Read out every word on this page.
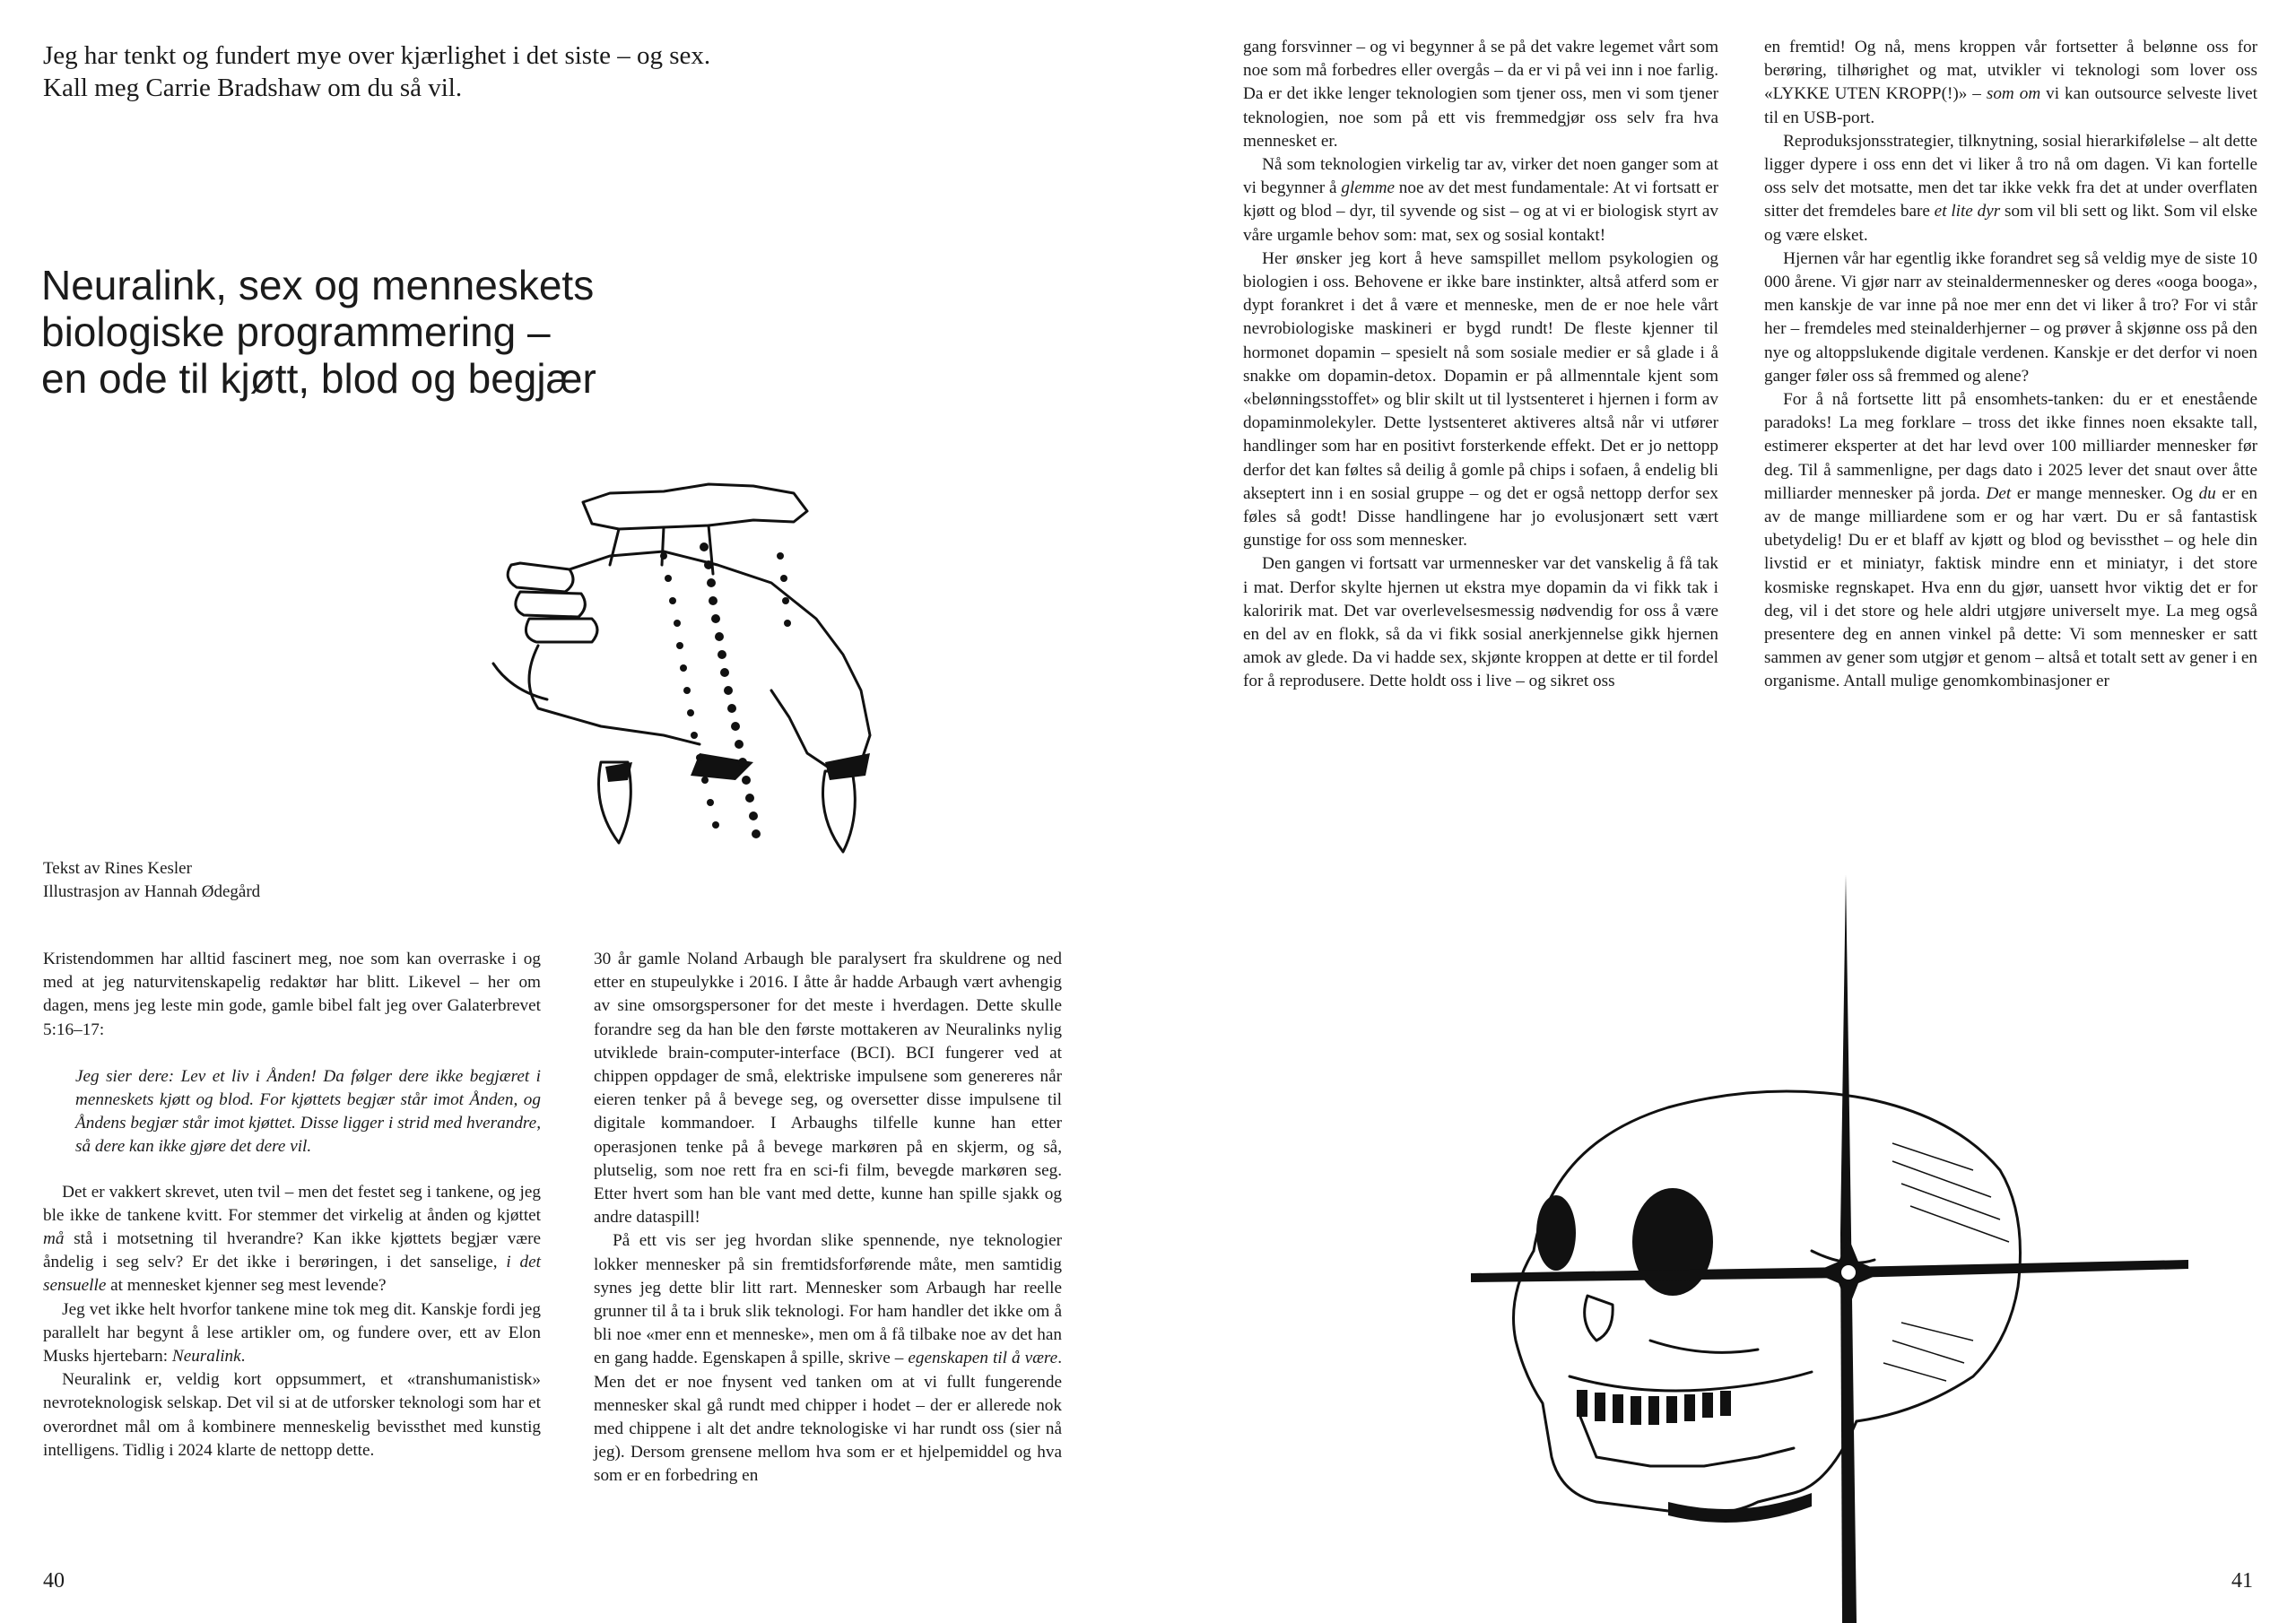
Jeg har tenkt og fundert mye over kjærlighet i det siste – og sex.

Kall meg Carrie Bradshaw om du så vil.

Neuralink, sex og menneskets
biologiske programmering –
en ode til kjøtt, blod og begjær

Tekst av Rines Kesler

Illustrasjon av Hannah Ødegård

Kristendommen har alltid fascinert meg, noe som kan overraske i og med at jeg naturvitenskapelig redaktør har blitt. Likevel – her om dagen, mens jeg leste min gode, gamle bibel falt jeg over Galaterbrevet 5:16–17:

Jeg sier dere: Lev et liv i Ånden! Da følger dere ikke begjæret i menneskets kjøtt og blod. For kjøttets begjær står imot Ånden, og Åndens begjær står imot kjøttet. Disse ligger i strid med hverandre, så dere kan ikke gjøre det dere vil.

Det er vakkert skrevet, uten tvil – men det festet seg i tankene, og jeg ble ikke de tankene kvitt. For stemmer det virkelig at ånden og kjøttet må stå i motsetning til hverandre? Kan ikke kjøttets begjær være åndelig i seg selv? Er det ikke i berøringen, i det sanselige, i det sensuelle at mennesket kjenner seg mest levende?

Jeg vet ikke helt hvorfor tankene mine tok meg dit. Kanskje fordi jeg parallelt har begynt å lese artikler om, og fundere over, ett av Elon Musks hjertebarn: Neuralink.

Neuralink er, veldig kort oppsummert, et «transhumanistisk» nevroteknologisk selskap. Det vil si at de utforsker teknologi som har et overordnet mål om å kombinere menneskelig bevissthet med kunstig intelligens. Tidlig i 2024 klarte de nettopp dette.

30 år gamle Noland Arbaugh ble paralysert fra skuldrene og ned etter en stupeulykke i 2016. I åtte år hadde Arbaugh vært avhengig av sine omsorgspersoner for det meste i hverdagen. Dette skulle forandre seg da han ble den første mottakeren av Neuralinks nylig utviklede brain-computer-interface (BCI). BCI fungerer ved at chippen oppdager de små, elektriske impulsene som genereres når eieren tenker på å bevege seg, og oversetter disse impulsene til digitale kommandoer. I Arbaughs tilfelle kunne han etter operasjonen tenke på å bevege markøren på en skjerm, og så, plutselig, som noe rett fra en sci-fi film, bevegde markøren seg. Etter hvert som han ble vant med dette, kunne han spille sjakk og andre dataspill!

På ett vis ser jeg hvordan slike spennende, nye teknologier lokker mennesker på sin fremtidsforførende måte, men samtidig synes jeg dette blir litt rart. Mennesker som Arbaugh har reelle grunner til å ta i bruk slik teknologi. For ham handler det ikke om å bli noe «mer enn et menneske», men om å få tilbake noe av det han en gang hadde. Egenskapen å spille, skrive – egenskapen til å være. Men det er noe fnysent ved tanken om at vi fullt fungerende mennesker skal gå rundt med chipper i hodet – der er allerede nok med chippene i alt det andre teknologiske vi har rundt oss (sier nå jeg). Dersom grensene mellom hva som er et hjelpemiddel og hva som er en forbedring en

40

gang forsvinner – og vi begynner å se på det vakre legemet vårt som noe som må forbedres eller overgås – da er vi på vei inn i noe farlig. Da er det ikke lenger teknologien som tjener oss, men vi som tjener teknologien, noe som på ett vis fremmedgjør oss selv fra hva mennesket er.

Nå som teknologien virkelig tar av, virker det noen ganger som at vi begynner å glemme noe av det mest fundamentale: At vi fortsatt er kjøtt og blod – dyr, til syvende og sist – og at vi er biologisk styrt av våre urgamle behov som: mat, sex og sosial kontakt!

Her ønsker jeg kort å heve samspillet mellom psykologien og biologien i oss. Behovene er ikke bare instinkter, altså atferd som er dypt forankret i det å være et menneske, men de er noe hele vårt nevrobiologiske maskineri er bygd rundt! De fleste kjenner til hormonet dopamin – spesielt nå som sosiale medier er så glade i å snakke om dopamin-detox. Dopamin er på allmenntale kjent som «belønningsstoffet» og blir skilt ut til lystsenteret i hjernen i form av dopaminmolekyler. Dette lystsenteret aktiveres altså når vi utfører handlinger som har en positivt forsterkende effekt. Det er jo nettopp derfor det kan føltes så deilig å gomle på chips i sofaen, å endelig bli akseptert inn i en sosial gruppe – og det er også nettopp derfor sex føles så godt! Disse handlingene har jo evolusjonært sett vært gunstige for oss som mennesker.

Den gangen vi fortsatt var urmennesker var det vanskelig å få tak i mat. Derfor skylte hjernen ut ekstra mye dopamin da vi fikk tak i kaloririk mat. Det var overlevelsesmessig nødvendig for oss å være en del av en flokk, så da vi fikk sosial anerkjennelse gikk hjernen amok av glede. Da vi hadde sex, skjønte kroppen at dette er til fordel for å reprodusere. Dette holdt oss i live – og sikret oss

en fremtid! Og nå, mens kroppen vår fortsetter å belønne oss for berøring, tilhørighet og mat, utvikler vi teknologi som lover oss «LYKKE UTEN KROPP(!)» – som om vi kan outsource selveste livet til en USB-port.

Reproduksjonsstrategier, tilknytning, sosial hierarkifølelse – alt dette ligger dypere i oss enn det vi liker å tro nå om dagen. Vi kan fortelle oss selv det motsatte, men det tar ikke vekk fra det at under overflaten sitter det fremdeles bare et lite dyr som vil bli sett og likt. Som vil elske og være elsket.

Hjernen vår har egentlig ikke forandret seg så veldig mye de siste 10 000 årene. Vi gjør narr av steinaldermennesker og deres «ooga booga», men kanskje de var inne på noe mer enn det vi liker å tro? For vi står her – fremdeles med steinalderhjerner – og prøver å skjønne oss på den nye og altoppslukende digitale verdenen. Kanskje er det derfor vi noen ganger føler oss så fremmed og alene?

For å nå fortsette litt på ensomhets-tanken: du er et enestående paradoks! La meg forklare – tross det ikke finnes noen eksakte tall, estimerer eksperter at det har levd over 100 milliarder mennesker før deg. Til å sammenligne, per dags dato i 2025 lever det snaut over åtte milliarder mennesker på jorda. Det er mange mennesker. Og du er en av de mange milliardene som er og har vært. Du er så fantastisk ubetydelig! Du er et blaff av kjøtt og blod og bevissthet – og hele din livstid er et miniatyr, faktisk mindre enn et miniatyr, i det store kosmiske regnskapet. Hva enn du gjør, uansett hvor viktig det er for deg, vil i det store og hele aldri utgjøre universelt mye. La meg også presentere deg en annen vinkel på dette: Vi som mennesker er satt sammen av gener som utgjør et genom – altså et totalt sett av gener i en organisme. Antall mulige genomkombinasjoner er

41
